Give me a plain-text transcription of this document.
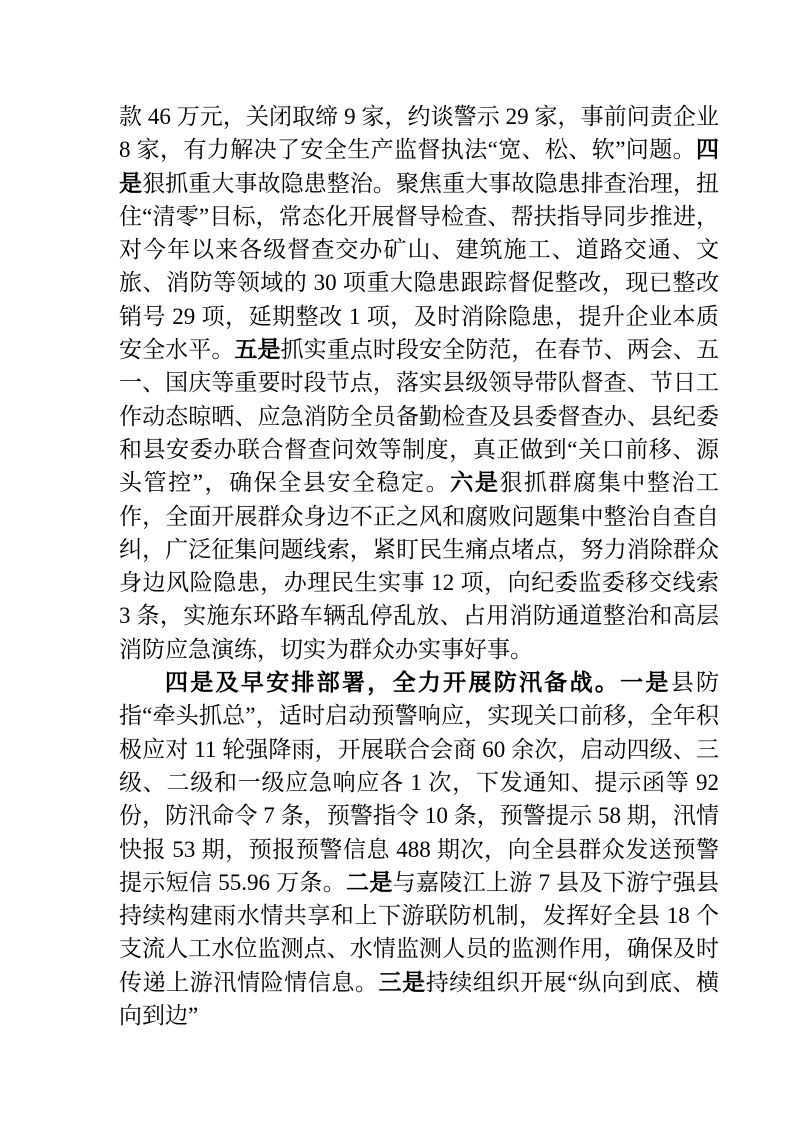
款 46 万元，关闭取缔 9 家，约谈警示 29 家，事前问责企业 8 家，有力解决了安全生产监督执法“宽、松、软”问题。四是狠抓重大事故隐患整治。聚焦重大事故隐患排查治理，扭住“清零”目标，常态化开展督导检查、帮扶指导同步推进，对今年以来各级督查交办矿山、建筑施工、道路交通、文旅、消防等领域的 30 项重大隐患跟踪督促整改，现已整改销号 29 项，延期整改 1 项，及时消除隐患，提升企业本质安全水平。五是抓实重点时段安全防范，在春节、两会、五一、国庆等重要时段节点，落实县级领导带队督查、节日工作动态晾晒、应急消防全员备勤检查及县委督查办、县纪委和县安委办联合督查问效等制度，真正做到“关口前移、源头管控”，确保全县安全稳定。六是狠抓群腐集中整治工作，全面开展群众身边不正之风和腐败问题集中整治自查自纠，广泛征集问题线索，紧盯民生痛点堵点，努力消除群众身边风险隐患，办理民生实事 12 项，向纪委监委移交线索 3 条，实施东环路车辆乱停乱放、占用消防通道整治和高层消防应急演练，切实为群众办实事好事。

四是及早安排部署，全力开展防汛备战。一是县防指“牵头抓总”，适时启动预警响应，实现关口前移，全年积极应对 11 轮强降雨，开展联合会商 60 余次，启动四级、三级、二级和一级应急响应各 1 次，下发通知、提示函等 92 份，防汛命令 7 条，预警指令 10 条，预警提示 58 期，汛情快报 53 期，预报预警信息 488 期次，向全县群众发送预警提示短信 55.96 万条。二是与嘉陵江上游 7 县及下游宁强县持续构建雨水情共享和上下游联防机制，发挥好全县 18 个支流人工水位监测点、水情监测人员的监测作用，确保及时传递上游汛情险情信息。三是持续组织开展“纵向到底、横向到边”
